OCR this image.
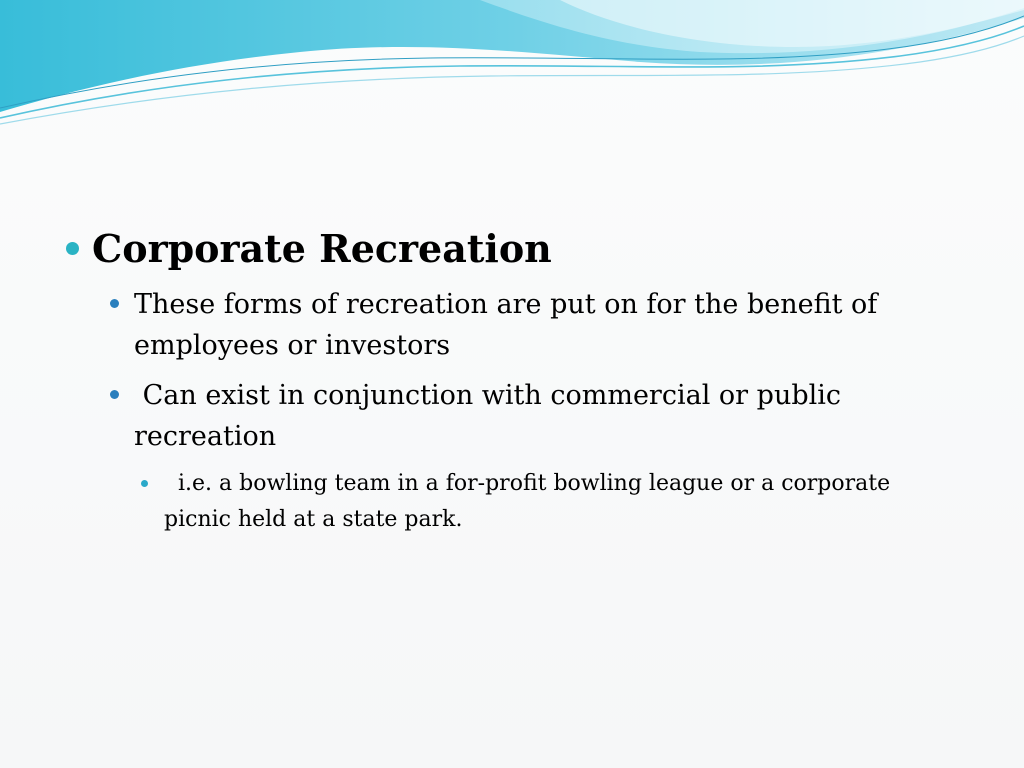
Corporate Recreation
These forms of recreation are put on for the benefit of employees or investors
Can exist in conjunction with commercial or public recreation
i.e. a bowling team in a for-profit bowling league or a corporate picnic held at a state park.
